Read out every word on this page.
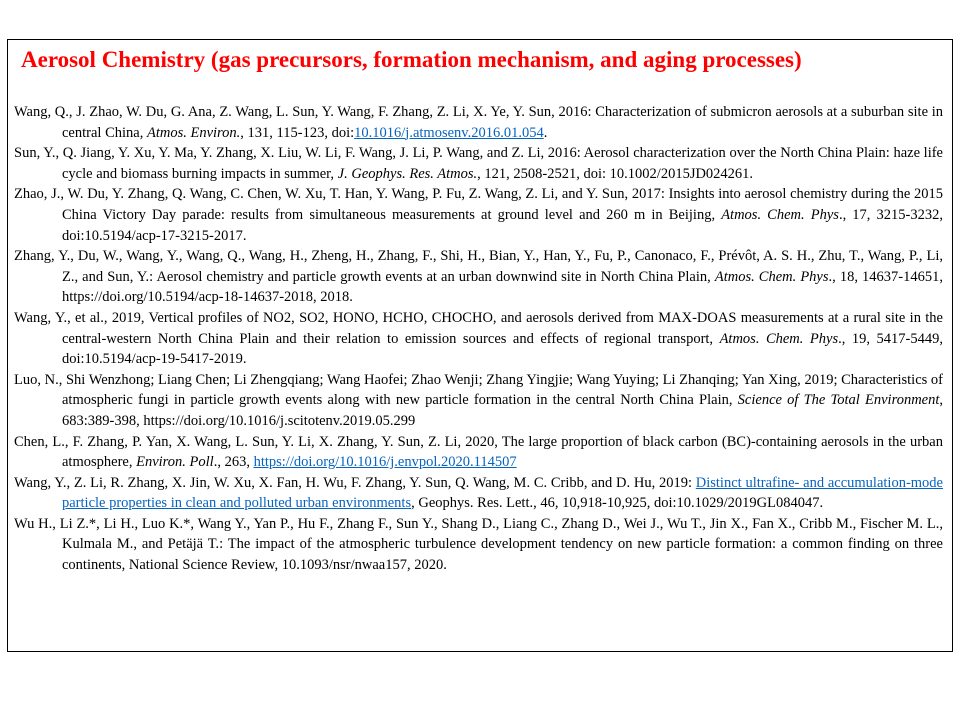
Aerosol Chemistry (gas precursors, formation mechanism, and aging processes)

Wang, Q., J. Zhao, W. Du, G. Ana, Z. Wang, L. Sun, Y. Wang, F. Zhang, Z. Li, X. Ye, Y. Sun, 2016: Characterization of submicron aerosols at a suburban site in central China, Atmos. Environ., 131, 115-123, doi:10.1016/j.atmosenv.2016.01.054.

Sun, Y., Q. Jiang, Y. Xu, Y. Ma, Y. Zhang, X. Liu, W. Li, F. Wang, J. Li, P. Wang, and Z. Li, 2016: Aerosol characterization over the North China Plain: haze life cycle and biomass burning impacts in summer, J. Geophys. Res. Atmos., 121, 2508-2521, doi: 10.1002/2015JD024261.

Zhao, J., W. Du, Y. Zhang, Q. Wang, C. Chen, W. Xu, T. Han, Y. Wang, P. Fu, Z. Wang, Z. Li, and Y. Sun, 2017: Insights into aerosol chemistry during the 2015 China Victory Day parade: results from simultaneous measurements at ground level and 260 m in Beijing, Atmos. Chem. Phys., 17, 3215-3232, doi:10.5194/acp-17-3215-2017.

Zhang, Y., Du, W., Wang, Y., Wang, Q., Wang, H., Zheng, H., Zhang, F., Shi, H., Bian, Y., Han, Y., Fu, P., Canonaco, F., Prévôt, A. S. H., Zhu, T., Wang, P., Li, Z., and Sun, Y.: Aerosol chemistry and particle growth events at an urban downwind site in North China Plain, Atmos. Chem. Phys., 18, 14637-14651, https://doi.org/10.5194/acp-18-14637-2018, 2018.

Wang, Y., et al., 2019, Vertical profiles of NO2, SO2, HONO, HCHO, CHOCHO, and aerosols derived from MAX-DOAS measurements at a rural site in the central-western North China Plain and their relation to emission sources and effects of regional transport, Atmos. Chem. Phys., 19, 5417-5449, doi:10.5194/acp-19-5417-2019.

Luo, N., Shi Wenzhong; Liang Chen; Li Zhengqiang; Wang Haofei; Zhao Wenji; Zhang Yingjie; Wang Yuying; Li Zhanqing; Yan Xing, 2019; Characteristics of atmospheric fungi in particle growth events along with new particle formation in the central North China Plain, Science of The Total Environment, 683:389-398, https://doi.org/10.1016/j.scitotenv.2019.05.299

Chen, L., F. Zhang, P. Yan, X. Wang, L. Sun, Y. Li, X. Zhang, Y. Sun, Z. Li, 2020, The large proportion of black carbon (BC)-containing aerosols in the urban atmosphere, Environ. Poll., 263, https://doi.org/10.1016/j.envpol.2020.114507

Wang, Y., Z. Li, R. Zhang, X. Jin, W. Xu, X. Fan, H. Wu, F. Zhang, Y. Sun, Q. Wang, M. C. Cribb, and D. Hu, 2019: Distinct ultrafine- and accumulation-mode particle properties in clean and polluted urban environments, Geophys. Res. Lett., 46, 10,918-10,925, doi:10.1029/2019GL084047.

Wu H., Li Z.*, Li H., Luo K.*, Wang Y., Yan P., Hu F., Zhang F., Sun Y., Shang D., Liang C., Zhang D., Wei J., Wu T., Jin X., Fan X., Cribb M., Fischer M. L., Kulmala M., and Petäjä T.: The impact of the atmospheric turbulence development tendency on new particle formation: a common finding on three continents, National Science Review, 10.1093/nsr/nwaa157, 2020.
